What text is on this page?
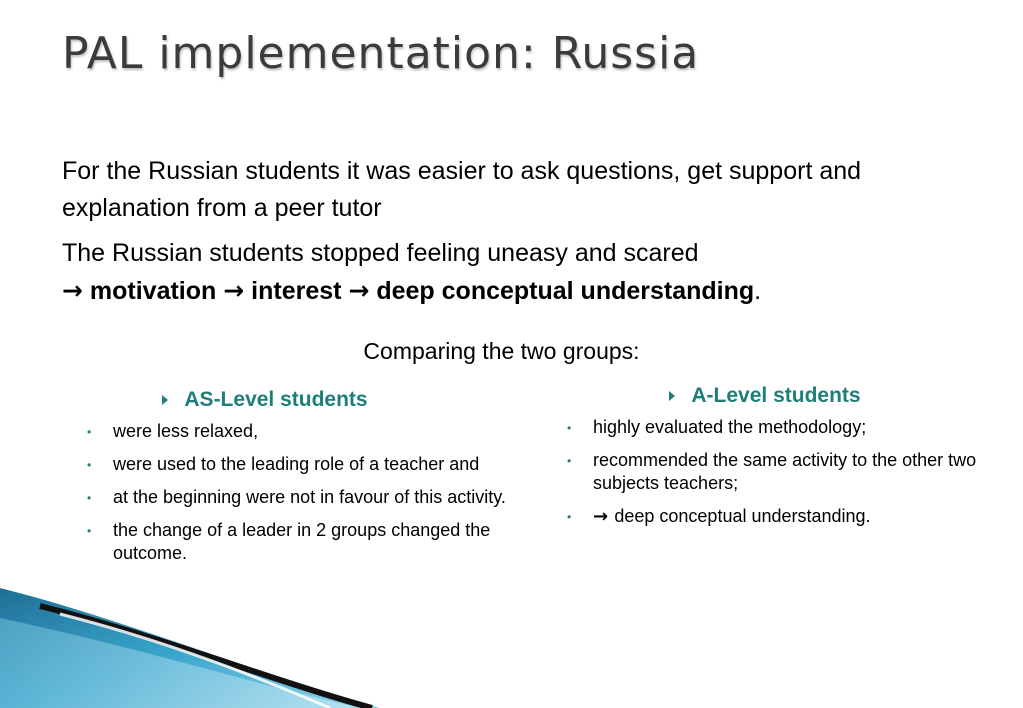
PAL implementation: Russia

For the Russian students it was easier to ask questions, get support and explanation from a peer tutor

The Russian students stopped feeling uneasy and scared
→ motivation → interest → deep conceptual understanding.

Comparing the two groups:
AS-Level students
• were less relaxed,
• were used to the leading role of a teacher and
• at the beginning were not in favour of this activity.
• the change of a leader in 2 groups changed the outcome.
A-Level students
• highly evaluated the methodology;
• recommended the same activity to the other two subjects teachers;
• → deep conceptual understanding.
